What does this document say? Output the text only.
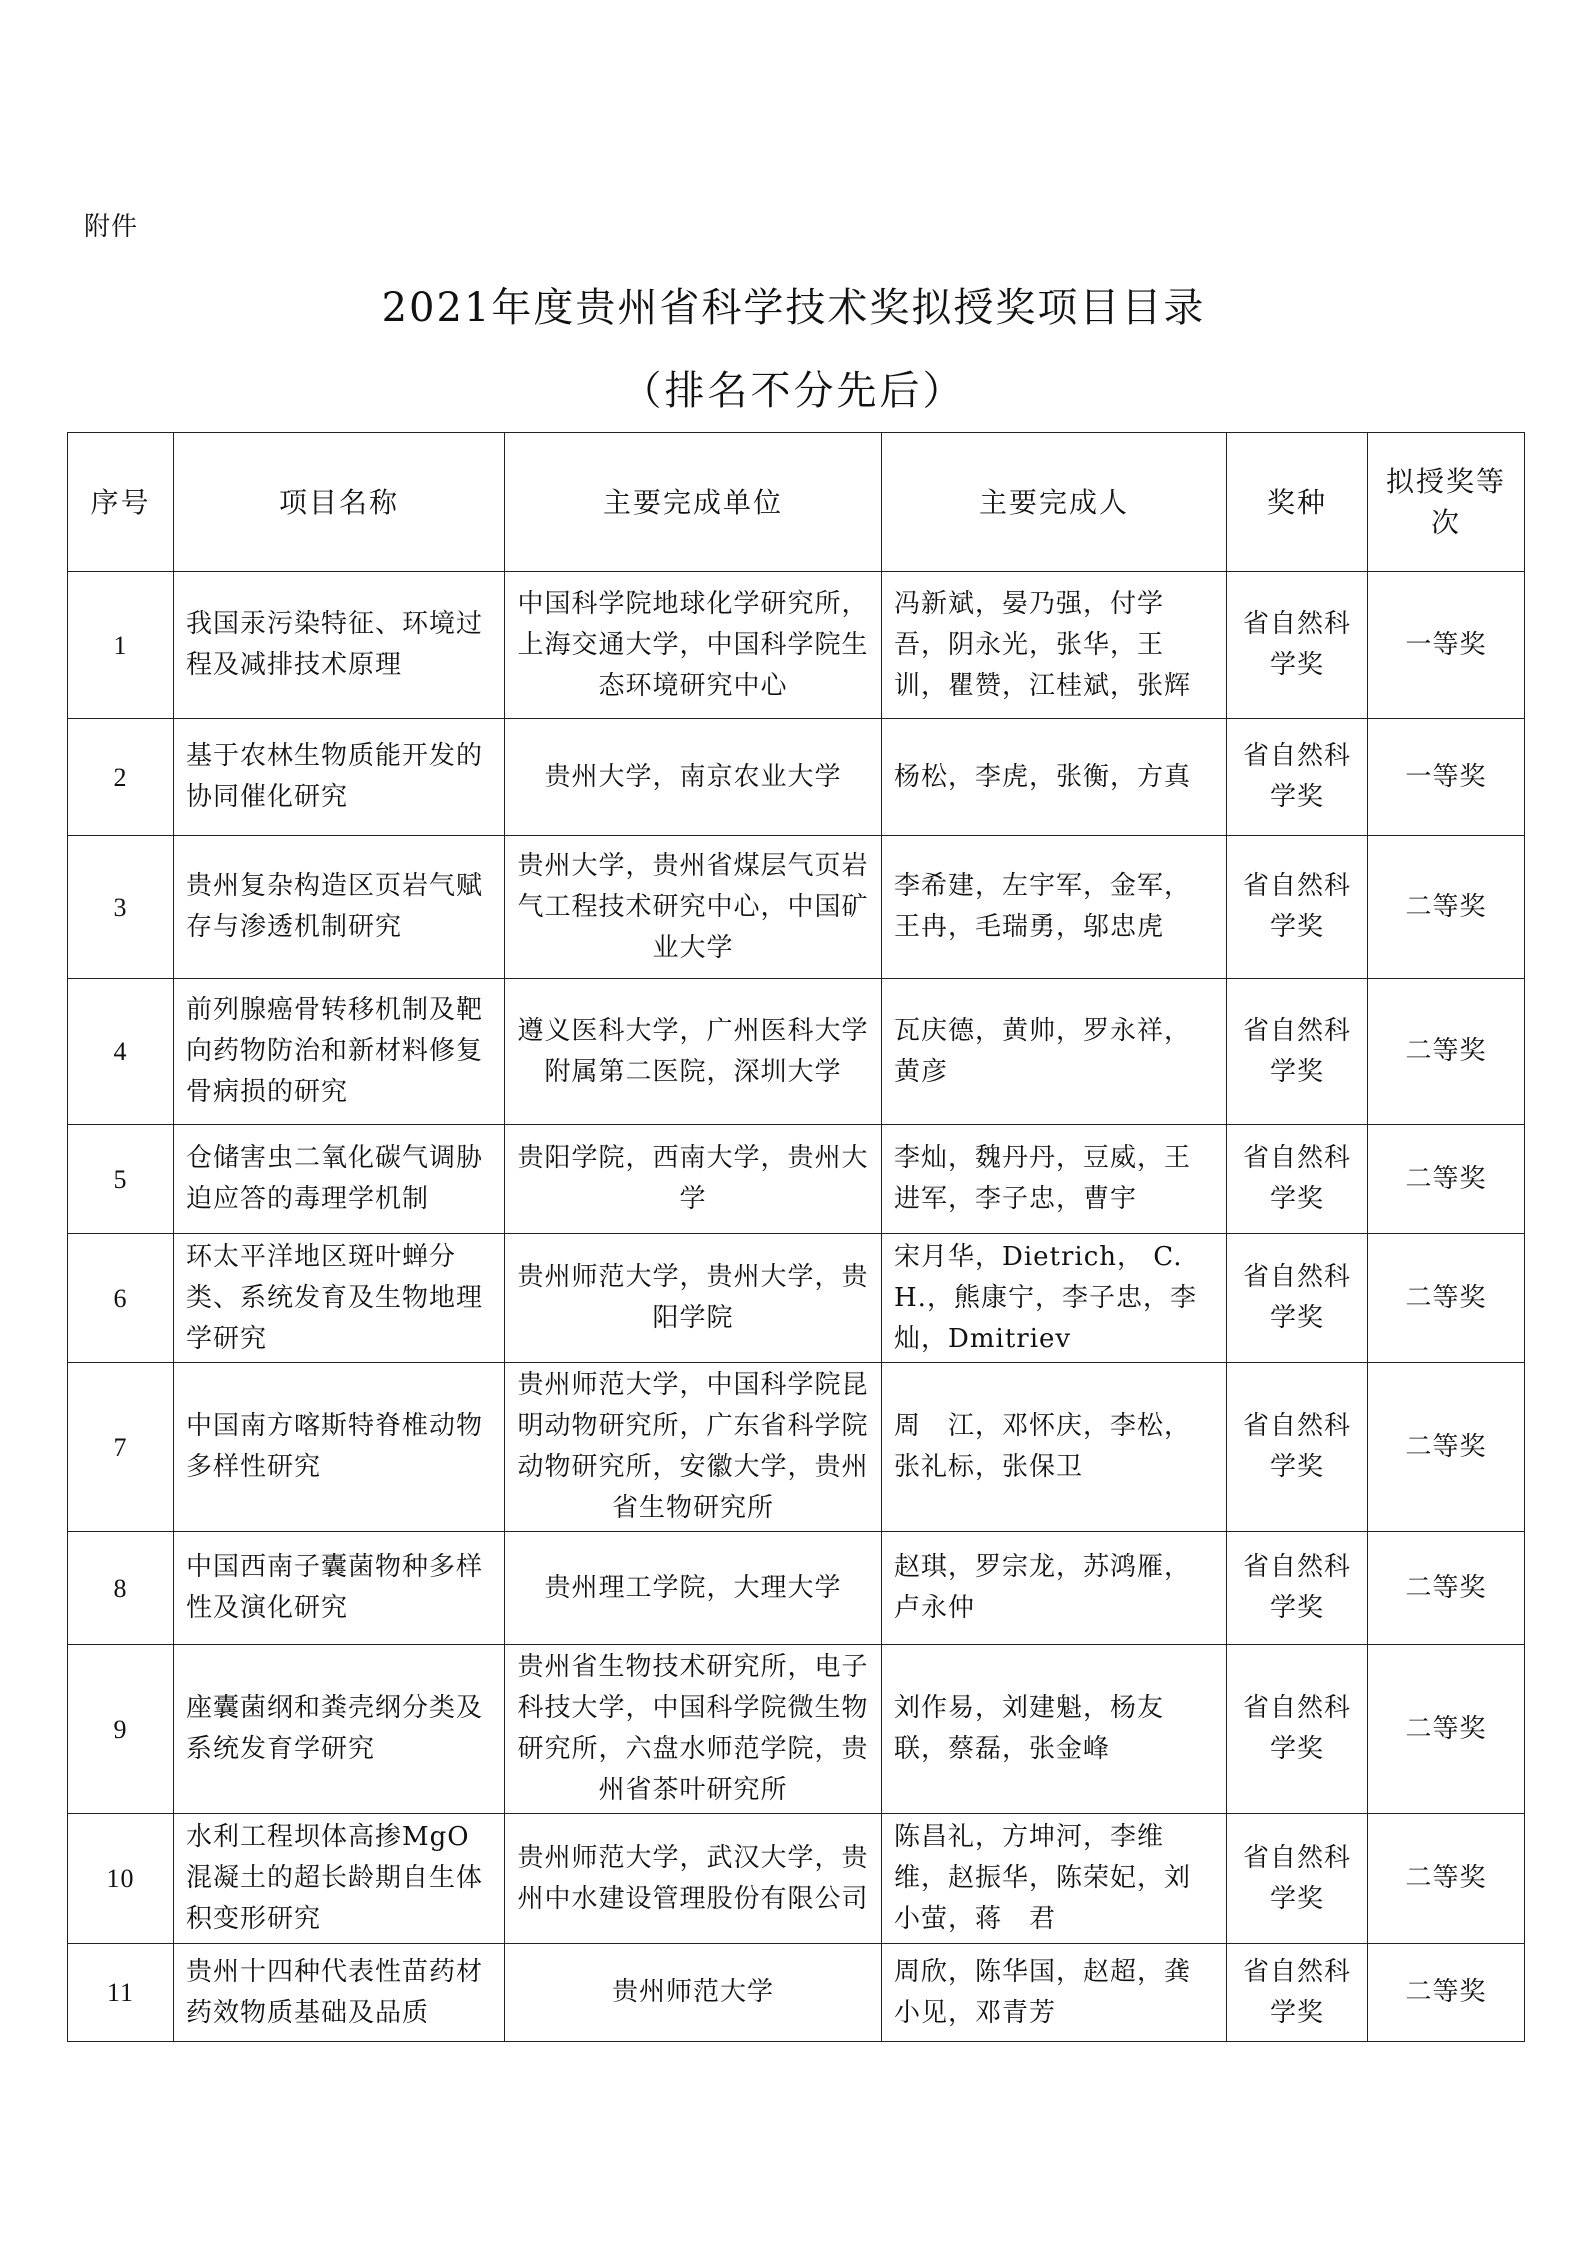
附件
2021年度贵州省科学技术奖拟授奖项目目录
（排名不分先后）
序号	项目名称	主要完成单位	主要完成人	奖种	拟授奖等次
1	我国汞污染特征、环境过程及减排技术原理	中国科学院地球化学研究所，上海交通大学，中国科学院生态环境研究中心	冯新斌，晏乃强，付学吾，阴永光，张华，王训，瞿赞，江桂斌，张辉	省自然科学奖	一等奖
2	基于农林生物质能开发的协同催化研究	贵州大学，南京农业大学	杨松，李虎，张衡，方真	省自然科学奖	一等奖
3	贵州复杂构造区页岩气赋存与渗透机制研究	贵州大学，贵州省煤层气页岩气工程技术研究中心，中国矿业大学	李希建，左宇军，金军，王冉，毛瑞勇，邬忠虎	省自然科学奖	二等奖
4	前列腺癌骨转移机制及靶向药物防治和新材料修复骨病损的研究	遵义医科大学，广州医科大学附属第二医院，深圳大学	瓦庆德，黄帅，罗永祥，黄彦	省自然科学奖	二等奖
5	仓储害虫二氧化碳气调胁迫应答的毒理学机制	贵阳学院，西南大学，贵州大学	李灿，魏丹丹，豆威，王进军，李子忠，曹宇	省自然科学奖	二等奖
6	环太平洋地区斑叶蝉分类、系统发育及生物地理学研究	贵州师范大学，贵州大学，贵阳学院	宋月华，Dietrich， C. H.，熊康宁，李子忠，李灿，Dmitriev	省自然科学奖	二等奖
7	中国南方喀斯特脊椎动物多样性研究	贵州师范大学，中国科学院昆明动物研究所，广东省科学院动物研究所，安徽大学，贵州省生物研究所	周　江，邓怀庆，李松，张礼标，张保卫	省自然科学奖	二等奖
8	中国西南子囊菌物种多样性及演化研究	贵州理工学院，大理大学	赵琪，罗宗龙，苏鸿雁，卢永仲	省自然科学奖	二等奖
9	座囊菌纲和粪壳纲分类及系统发育学研究	贵州省生物技术研究所，电子科技大学，中国科学院微生物研究所，六盘水师范学院，贵州省茶叶研究所	刘作易，刘建魁，杨友联，蔡磊，张金峰	省自然科学奖	二等奖
10	水利工程坝体高掺MgO混凝土的超长龄期自生体积变形研究	贵州师范大学，武汉大学，贵州中水建设管理股份有限公司	陈昌礼，方坤河，李维维，赵振华，陈荣妃，刘小萤，蒋　君	省自然科学奖	二等奖
11	贵州十四种代表性苗药材药效物质基础及品质	贵州师范大学	周欣，陈华国，赵超，龚小见，邓青芳	省自然科学奖	二等奖
